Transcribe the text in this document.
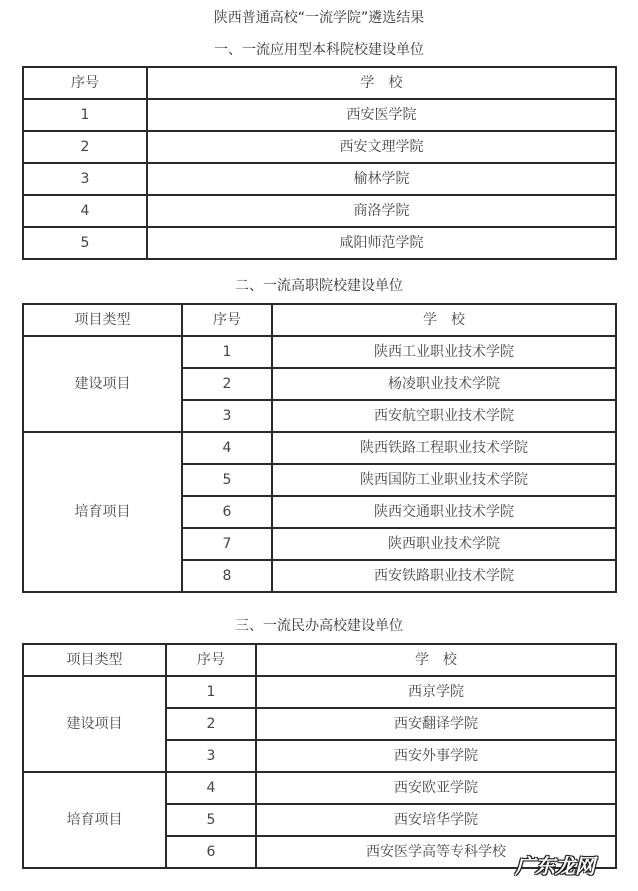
陕西普通高校“一流学院”遴选结果
一、一流应用型本科院校建设单位
序号	学　校
1	西安医学院
2	西安文理学院
3	榆林学院
4	商洛学院
5	咸阳师范学院
二、一流高职院校建设单位
项目类型	序号	学　校
建设项目	1	陕西工业职业技术学院
	2	杨凌职业技术学院
	3	西安航空职业技术学院
培育项目	4	陕西铁路工程职业技术学院
	5	陕西国防工业职业技术学院
	6	陕西交通职业技术学院
	7	陕西职业技术学院
	8	西安铁路职业技术学院
三、一流民办高校建设单位
项目类型	序号	学　校
建设项目	1	西京学院
	2	西安翻译学院
	3	西安外事学院
培育项目	4	西安欧亚学院
	5	西安培华学院
	6	西安医学高等专科学校
广东龙网
